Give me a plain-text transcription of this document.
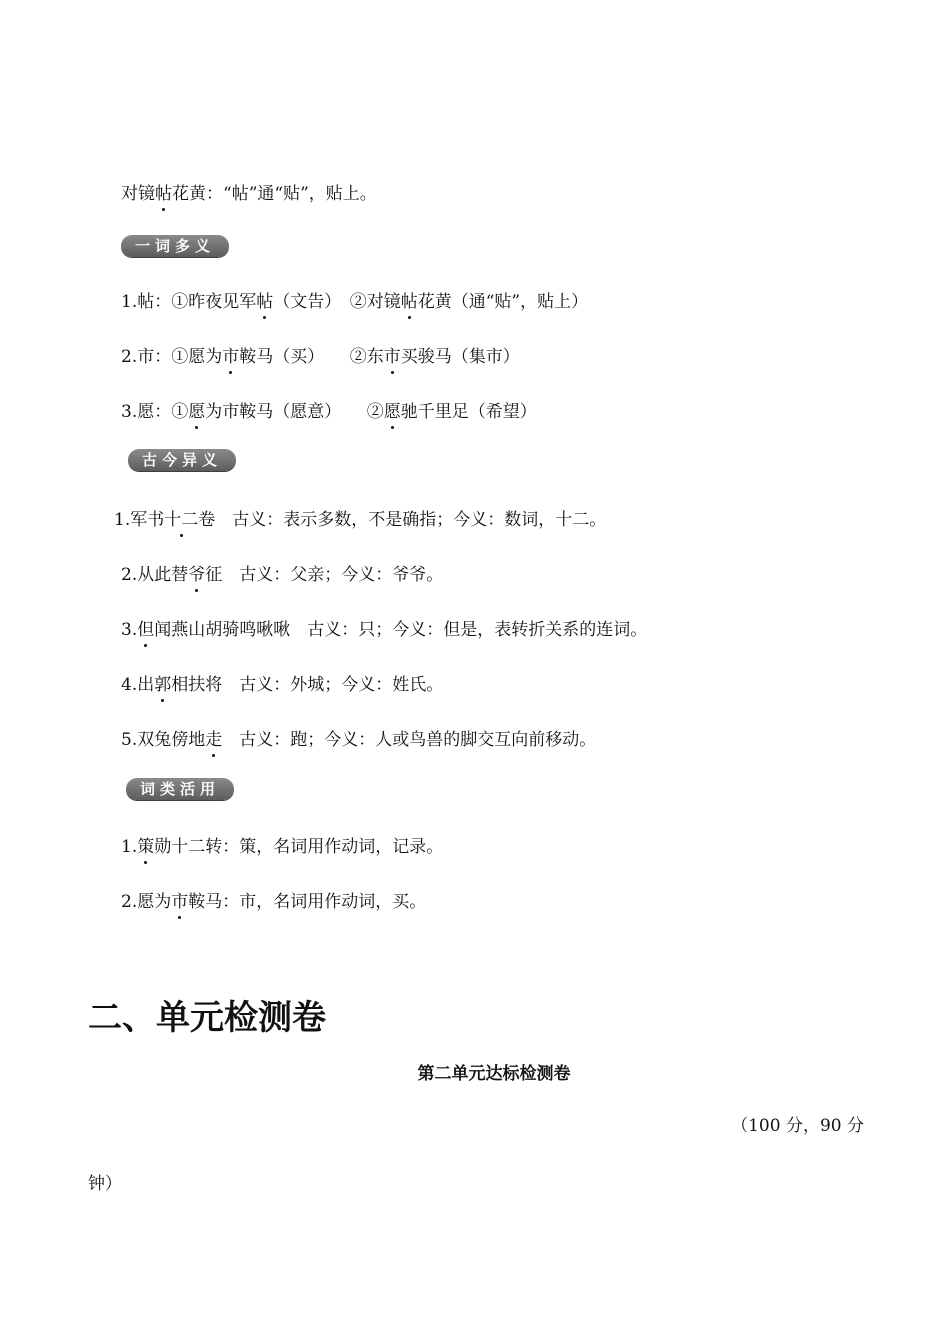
对镜帖花黄：“帖”通“贴”，贴上。
一词多义
1.帖：①昨夜见军帖（文告）　②对镜帖花黄（通“贴”，贴上）
2.市：①愿为市鞍马（买）　　②东市买骏马（集市）
3.愿：①愿为市鞍马（愿意）　　②愿驰千里足（希望）
古今异义
1.军书十二卷　古义：表示多数，不是确指；今义：数词，十二。
2.从此替爷征　古义：父亲；今义：爷爷。
3.但闻燕山胡骑鸣啾啾　古义：只；今义：但是，表转折关系的连词。
4.出郭相扶将　古义：外城；今义：姓氏。
5.双兔傍地走　古义：跑；今义：人或鸟兽的脚交互向前移动。
词类活用
1.策勋十二转：策，名词用作动词，记录。
2.愿为市鞍马：市，名词用作动词，买。
二、单元检测卷
第二单元达标检测卷
（100 分，90 分
钟）
